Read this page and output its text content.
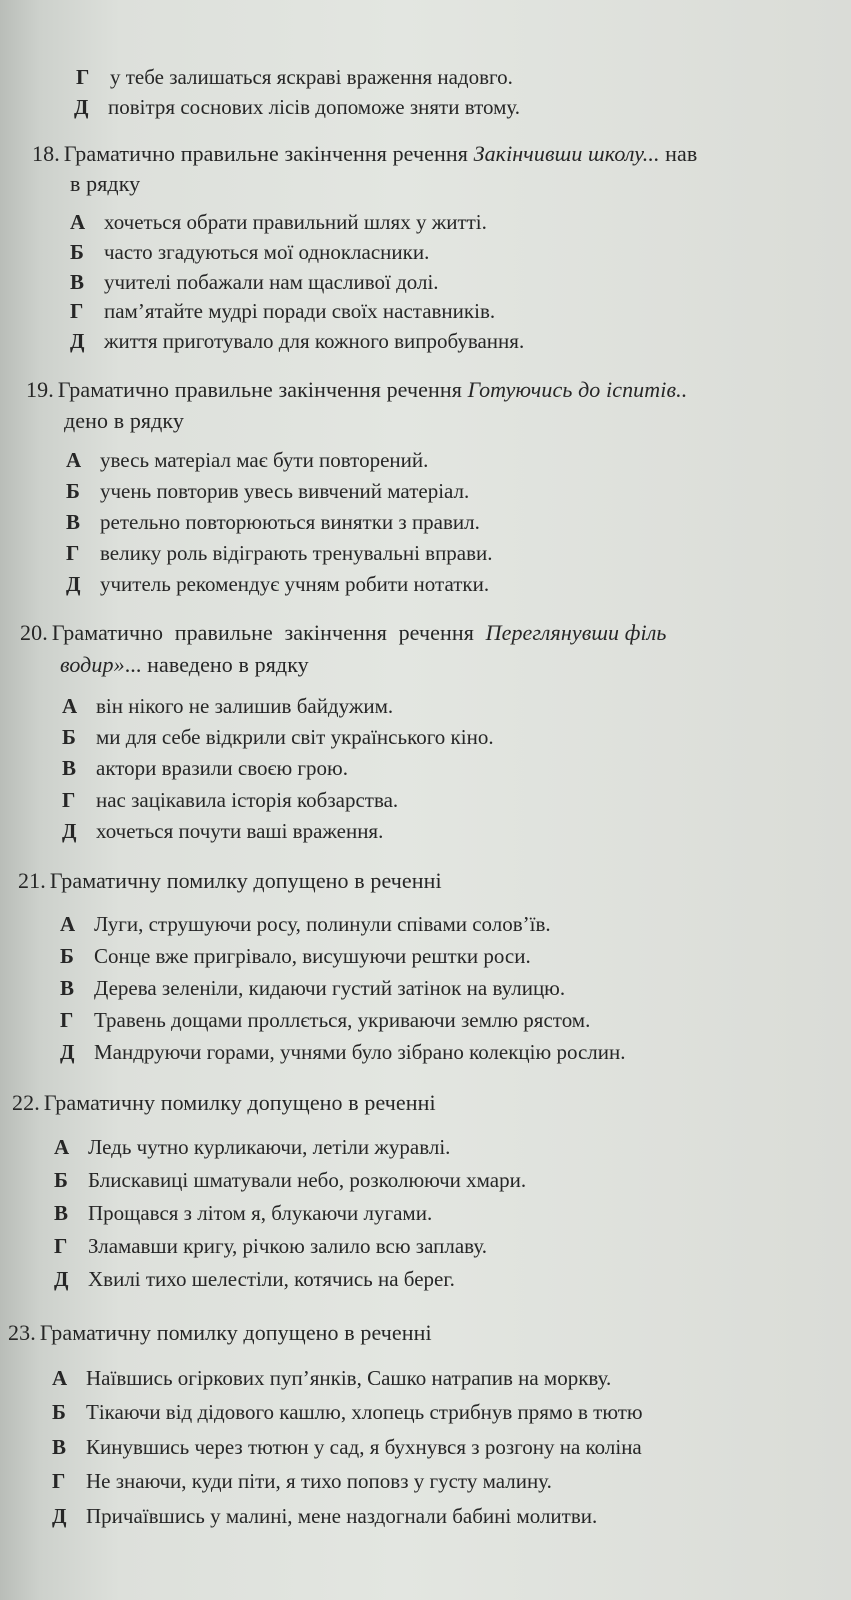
Г у тебе залишаться яскраві враження надовго.
Д повітря соснових лісів допоможе зняти втому.
18. Граматично правильне закінчення речення Закінчивши школу... нав
в рядку
А хочеться обрати правильний шлях у житті.
Б часто згадуються мої однокласники.
В учителі побажали нам щасливої долі.
Г пам’ятайте мудрі поради своїх наставників.
Д життя приготувало для кожного випробування.
19. Граматично правильне закінчення речення Готуючись до іспитів..
дено в рядку
А увесь матеріал має бути повторений.
Б учень повторив увесь вивчений матеріал.
В ретельно повторюються винятки з правил.
Г велику роль відіграють тренувальні вправи.
Д учитель рекомендує учням робити нотатки.
20. Граматично правильне закінчення речення Переглянувши філь
водир»... наведено в рядку
А він нікого не залишив байдужим.
Б ми для себе відкрили світ українського кіно.
В актори вразили своєю грою.
Г нас зацікавила історія кобзарства.
Д хочеться почути ваші враження.
21. Граматичну помилку допущено в реченні
А Луги, струшуючи росу, полинули співами солов’їв.
Б Сонце вже пригрівало, висушуючи рештки роси.
В Дерева зеленіли, кидаючи густий затінок на вулицю.
Г Травень дощами проллється, укриваючи землю рястом.
Д Мандруючи горами, учнями було зібрано колекцію рослин.
22. Граматичну помилку допущено в реченні
А Ледь чутно курликаючи, летіли журавлі.
Б Блискавиці шматували небо, розколюючи хмари.
В Прощався з літом я, блукаючи лугами.
Г Зламавши кригу, річкою залило всю заплаву.
Д Хвилі тихо шелестіли, котячись на берег.
23. Граматичну помилку допущено в реченні
А Наївшись огіркових пуп’янків, Сашко натрапив на моркву.
Б Тікаючи від дідового кашлю, хлопець стрибнув прямо в тютю
В Кинувшись через тютюн у сад, я бухнувся з розгону на коліна
Г Не знаючи, куди піти, я тихо поповз у густу малину.
Д Причаївшись у малині, мене наздогнали бабині молитви.
